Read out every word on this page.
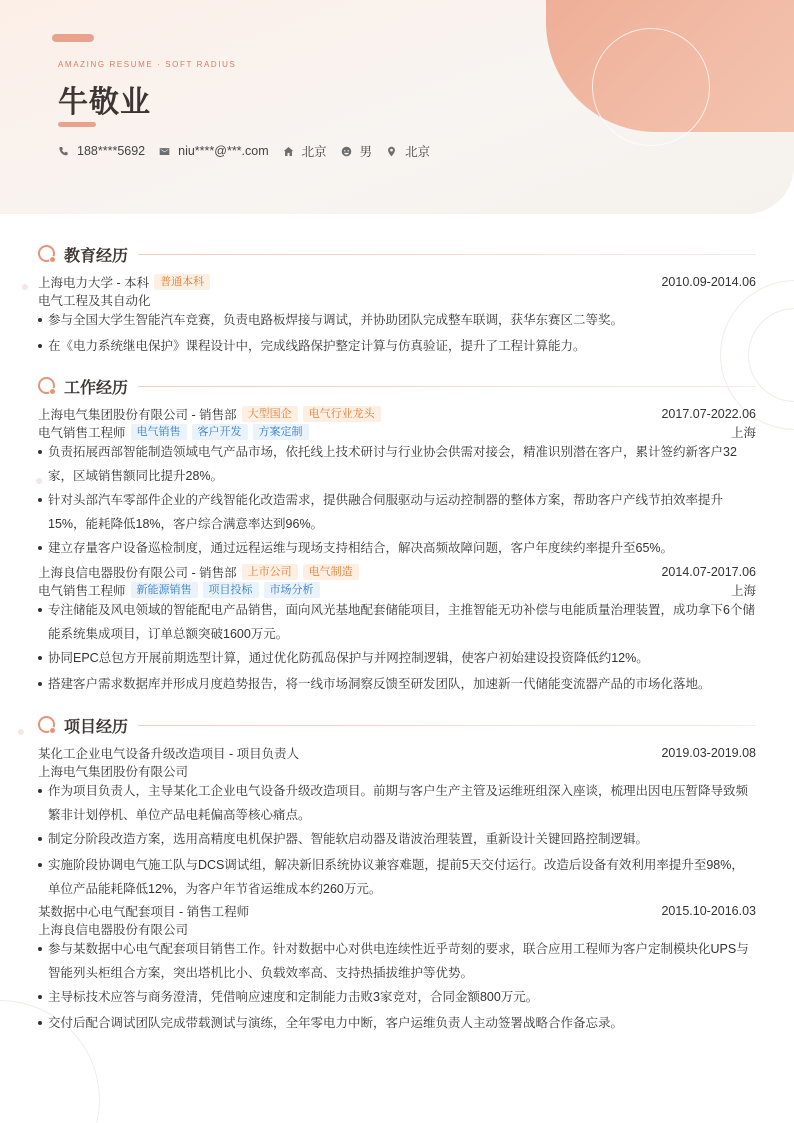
AMAZING RESUME · SOFT RADIUS
牛敬业
188****5692	niu****@***.com	北京	男	北京
教育经历
上海电力大学 - 本科	普通本科	2010.09-2014.06
电气工程及其自动化
参与全国大学生智能汽车竞赛，负责电路板焊接与调试，并协助团队完成整车联调，获华东赛区二等奖。
在《电力系统继电保护》课程设计中，完成线路保护整定计算与仿真验证，提升了工程计算能力。
工作经历
上海电气集团股份有限公司 - 销售部	大型国企	电气行业龙头	2017.07-2022.06
电气销售工程师	电气销售	客户开发	方案定制	上海
负责拓展西部智能制造领域电气产品市场，依托线上技术研讨与行业协会供需对接会，精准识别潜在客户，累计签约新客户32家，区域销售额同比提升28%。
针对头部汽车零部件企业的产线智能化改造需求，提供融合伺服驱动与运动控制器的整体方案，帮助客户产线节拍效率提升15%，能耗降低18%，客户综合满意率达到96%。
建立存量客户设备巡检制度，通过远程运维与现场支持相结合，解决高频故障问题，客户年度续约率提升至65%。
上海良信电器股份有限公司 - 销售部	上市公司	电气制造	2014.07-2017.06
电气销售工程师	新能源销售	项目投标	市场分析	上海
专注储能及风电领域的智能配电产品销售，面向风光基地配套储能项目，主推智能无功补偿与电能质量治理装置，成功拿下6个储能系统集成项目，订单总额突破1600万元。
协同EPC总包方开展前期选型计算，通过优化防孤岛保护与并网控制逻辑，使客户初始建设投资降低约12%。
搭建客户需求数据库并形成月度趋势报告，将一线市场洞察反馈至研发团队，加速新一代储能变流器产品的市场化落地。
项目经历
某化工企业电气设备升级改造项目 - 项目负责人	2019.03-2019.08
上海电气集团股份有限公司
作为项目负责人，主导某化工企业电气设备升级改造项目。前期与客户生产主管及运维班组深入座谈，梳理出因电压暂降导致频繁非计划停机、单位产品电耗偏高等核心痛点。
制定分阶段改造方案，选用高精度电机保护器、智能软启动器及谐波治理装置，重新设计关键回路控制逻辑。
实施阶段协调电气施工队与DCS调试组，解决新旧系统协议兼容难题，提前5天交付运行。改造后设备有效利用率提升至98%，单位产品能耗降低12%，为客户年节省运维成本约260万元。
某数据中心电气配套项目 - 销售工程师	2015.10-2016.03
上海良信电器股份有限公司
参与某数据中心电气配套项目销售工作。针对数据中心对供电连续性近乎苛刻的要求，联合应用工程师为客户定制模块化UPS与智能列头柜组合方案，突出塔机比小、负载效率高、支持热插拔维护等优势。
主导标技术应答与商务澄清，凭借响应速度和定制能力击败3家竞对，合同金额800万元。
交付后配合调试团队完成带载测试与演练，全年零电力中断，客户运维负责人主动签署战略合作备忘录。
